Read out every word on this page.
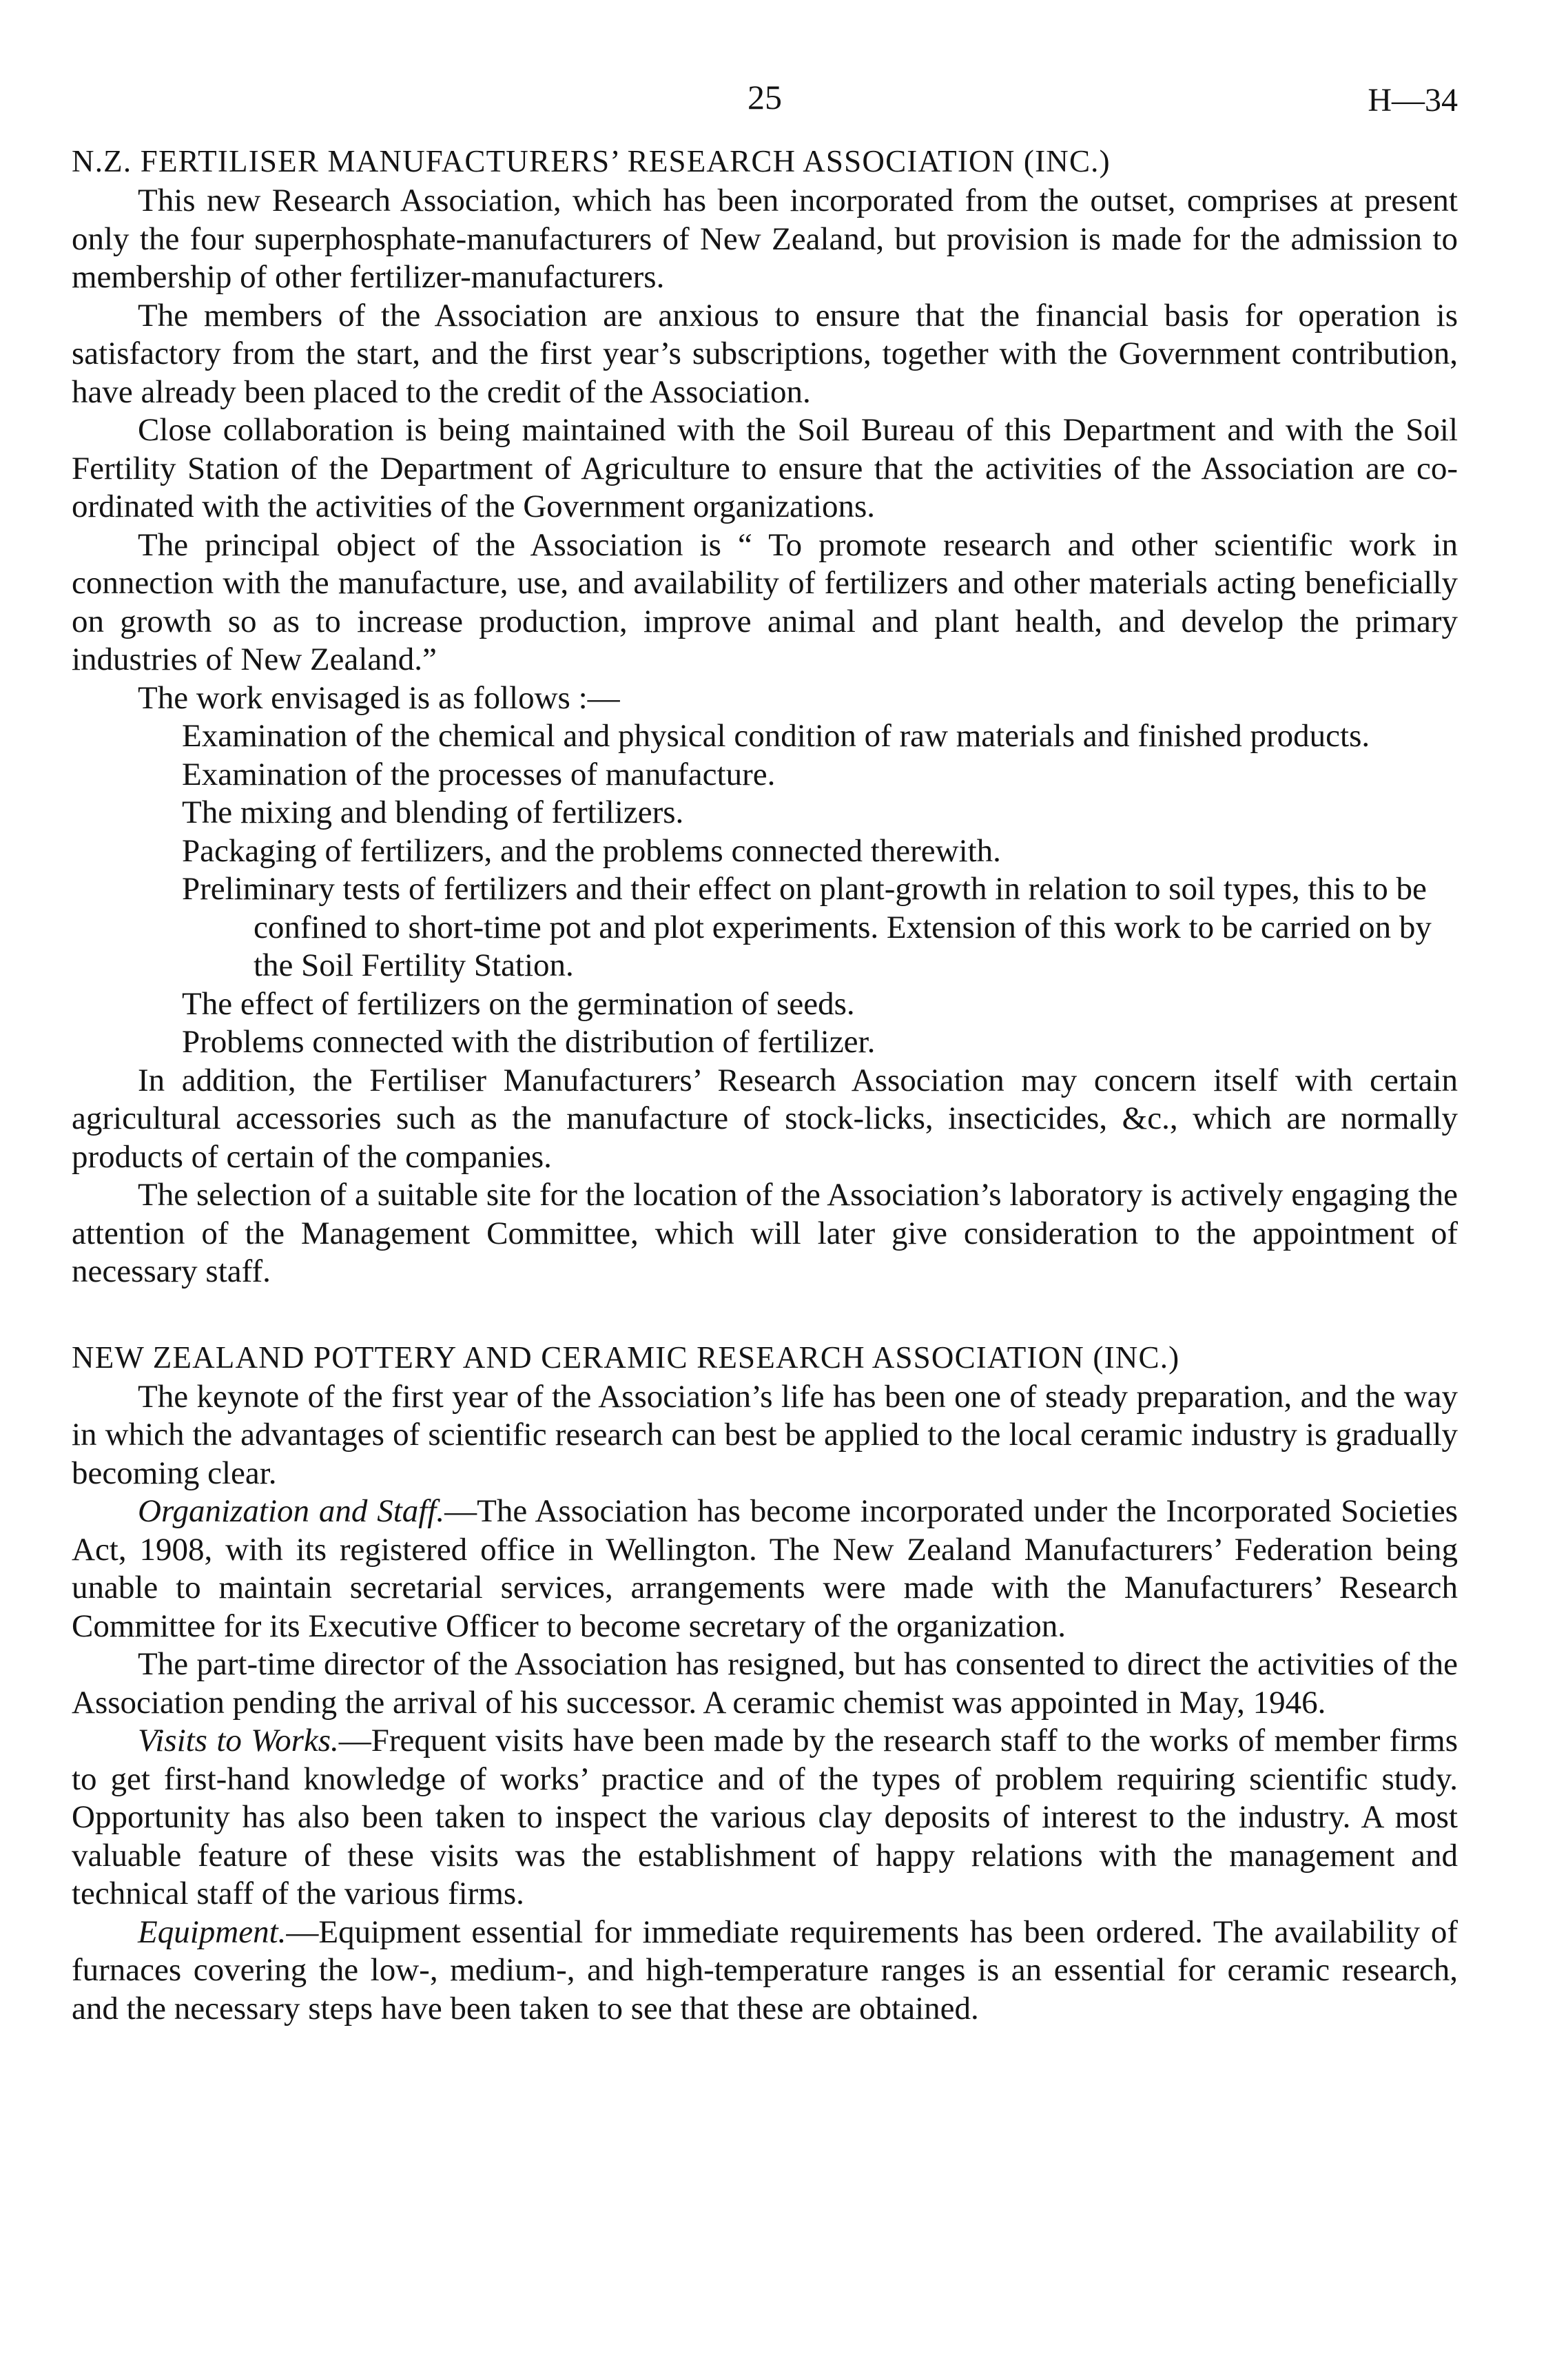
25	H—34
N.Z. FERTILISER MANUFACTURERS’ RESEARCH ASSOCIATION (INC.)

This new Research Association, which has been incorporated from the outset, comprises at present only the four superphosphate-manufacturers of New Zealand, but provision is made for the admission to membership of other fertilizer-manufacturers.

The members of the Association are anxious to ensure that the financial basis for operation is satisfactory from the start, and the first year’s subscriptions, together with the Government contribution, have already been placed to the credit of the Association.

Close collaboration is being maintained with the Soil Bureau of this Department and with the Soil Fertility Station of the Department of Agriculture to ensure that the activities of the Association are co-ordinated with the activities of the Government organizations.

The principal object of the Association is “ To promote research and other scientific work in connection with the manufacture, use, and availability of fertilizers and other materials acting beneficially on growth so as to increase production, improve animal and plant health, and develop the primary industries of New Zealand.”

The work envisaged is as follows :—

Examination of the chemical and physical condition of raw materials and finished products.
Examination of the processes of manufacture.
The mixing and blending of fertilizers.
Packaging of fertilizers, and the problems connected therewith.
Preliminary tests of fertilizers and their effect on plant-growth in relation to soil types, this to be confined to short-time pot and plot experiments. Extension of this work to be carried on by the Soil Fertility Station.
The effect of fertilizers on the germination of seeds.
Problems connected with the distribution of fertilizer.

In addition, the Fertiliser Manufacturers’ Research Association may concern itself with certain agricultural accessories such as the manufacture of stock-licks, insecticides, &c., which are normally products of certain of the companies.

The selection of a suitable site for the location of the Association’s laboratory is actively engaging the attention of the Management Committee, which will later give consideration to the appointment of necessary staff.

NEW ZEALAND POTTERY AND CERAMIC RESEARCH ASSOCIATION (INC.)

The keynote of the first year of the Association’s life has been one of steady preparation, and the way in which the advantages of scientific research can best be applied to the local ceramic industry is gradually becoming clear.

Organization and Staff.—The Association has become incorporated under the Incorporated Societies Act, 1908, with its registered office in Wellington. The New Zealand Manufacturers’ Federation being unable to maintain secretarial services, arrangements were made with the Manufacturers’ Research Committee for its Executive Officer to become secretary of the organization.

The part-time director of the Association has resigned, but has consented to direct the activities of the Association pending the arrival of his successor. A ceramic chemist was appointed in May, 1946.

Visits to Works.—Frequent visits have been made by the research staff to the works of member firms to get first-hand knowledge of works’ practice and of the types of problem requiring scientific study. Opportunity has also been taken to inspect the various clay deposits of interest to the industry. A most valuable feature of these visits was the establishment of happy relations with the management and technical staff of the various firms.

Equipment.—Equipment essential for immediate requirements has been ordered. The availability of furnaces covering the low-, medium-, and high-temperature ranges is an essential for ceramic research, and the necessary steps have been taken to see that these are obtained.
